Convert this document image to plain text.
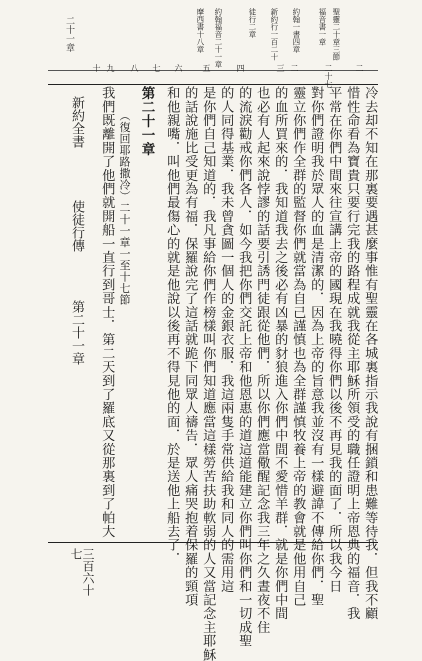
二十一章	聖靈二十章三節
福音書一章
約翰一書四章
新約行一百二十
徒行二章
約翰福音二十一章
摩西書十八章
二
二十七
二
三
四
五
六
七
八
九
十
冷去却不知在那裏要遇甚麼事惟有聖靈在各城裏指示我說有捆鎖和患難等待我．但我不顧
惜性命看為寶貴只要行完我的路程成就我從主耶穌所領受的職任證明上帝恩典的福音．我
平常在你們中間來往宣講上帝的國現在我曉得你們以後不再見我的面了．所以我今日
對你們證明我於眾人的血是清潔的．因為上帝的旨意我並沒有一樣避諱不傳給你們．聖
靈立你們作全群的監督你們就當為自己謹慎也為全群謹慎牧養上帝的教會就是他用自己
的血所買來的．我知道我去之後必有凶暴的豺狼進入你們中間不愛惜羊群．就是你們中間
也必有人起來說悖謬的話要引誘門徒跟從他們．所以你們應當儆醒記念我三年之久晝夜不住
的流淚勸戒你們各人．如今我把你們交託上帝和他恩惠的道這道能建立你們叫你們和一切成聖
的人同得基業．我未曾貪圖一個人的金銀衣服．我這兩隻手常供給我和同人的需用這
是你們自己知道的．我凡事給你們作榜樣叫你們知道應當這樣勞苦扶助軟弱的人又當記念主耶穌
的話說施比受更為有福．保羅說完了這話就跪下同眾人禱告．眾人痛哭抱着保羅的頸項
和他親嘴．叫他們最傷心的就是他說以後再不得見他的面．於是送他上船去了．
第二十一章
（復回耶路撒冷）二十一章一至十七節
我們既離開了他們就開船一直行到哥士．第二天到了羅底又從那裏到了帕大
三百六十七
第二十一章
使徒行傳
新約全書
